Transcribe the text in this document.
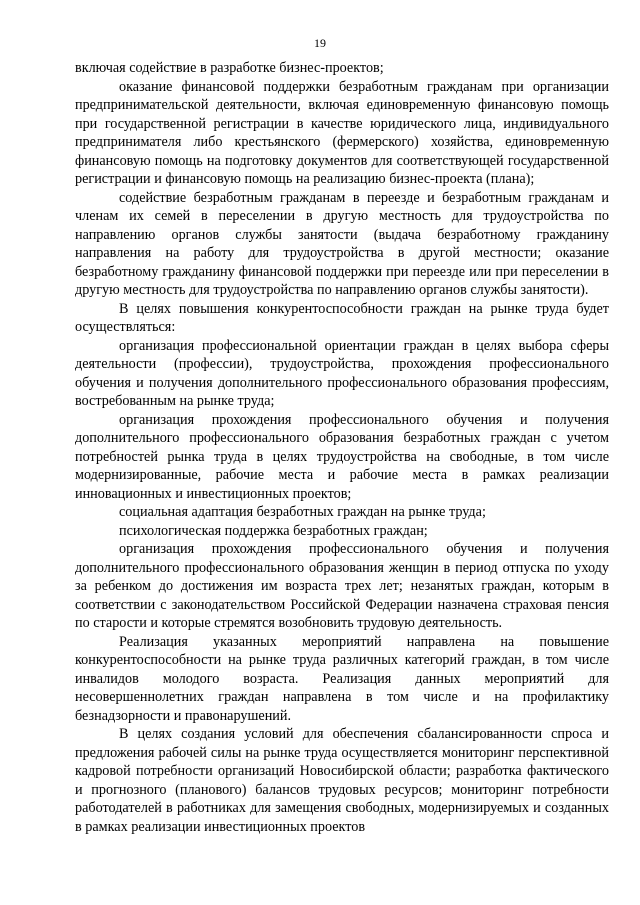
19

включая содействие в разработке бизнес-проектов;

оказание финансовой поддержки безработным гражданам при организации предпринимательской деятельности, включая единовременную финансовую помощь при государственной регистрации в качестве юридического лица, индивидуального предпринимателя либо крестьянского (фермерского) хозяйства, единовременную финансовую помощь на подготовку документов для соответствующей государственной регистрации и финансовую помощь на реализацию бизнес-проекта (плана);

содействие безработным гражданам в переезде и безработным гражданам и членам их семей в переселении в другую местность для трудоустройства по направлению органов службы занятости (выдача безработному гражданину направления на работу для трудоустройства в другой местности; оказание безработному гражданину финансовой поддержки при переезде или при переселении в другую местность для трудоустройства по направлению органов службы занятости).

В целях повышения конкурентоспособности граждан на рынке труда будет осуществляться:

организация профессиональной ориентации граждан в целях выбора сферы деятельности (профессии), трудоустройства, прохождения профессионального обучения и получения дополнительного профессионального образования профессиям, востребованным на рынке труда;

организация прохождения профессионального обучения и получения дополнительного профессионального образования безработных граждан с учетом потребностей рынка труда в целях трудоустройства на свободные, в том числе модернизированные, рабочие места и рабочие места в рамках реализации инновационных и инвестиционных проектов;

социальная адаптация безработных граждан на рынке труда;

психологическая поддержка безработных граждан;

организация прохождения профессионального обучения и получения дополнительного профессионального образования женщин в период отпуска по уходу за ребенком до достижения им возраста трех лет; незанятых граждан, которым в соответствии с законодательством Российской Федерации назначена страховая пенсия по старости и которые стремятся возобновить трудовую деятельность.

Реализация указанных мероприятий направлена на повышение конкурентоспособности на рынке труда различных категорий граждан, в том числе инвалидов молодого возраста. Реализация данных мероприятий для несовершеннолетних граждан направлена в том числе и на профилактику безнадзорности и правонарушений.

В целях создания условий для обеспечения сбалансированности спроса и предложения рабочей силы на рынке труда осуществляется мониторинг перспективной кадровой потребности организаций Новосибирской области; разработка фактического и прогнозного (планового) балансов трудовых ресурсов; мониторинг потребности работодателей в работниках для замещения свободных, модернизируемых и созданных в рамках реализации инвестиционных проектов
